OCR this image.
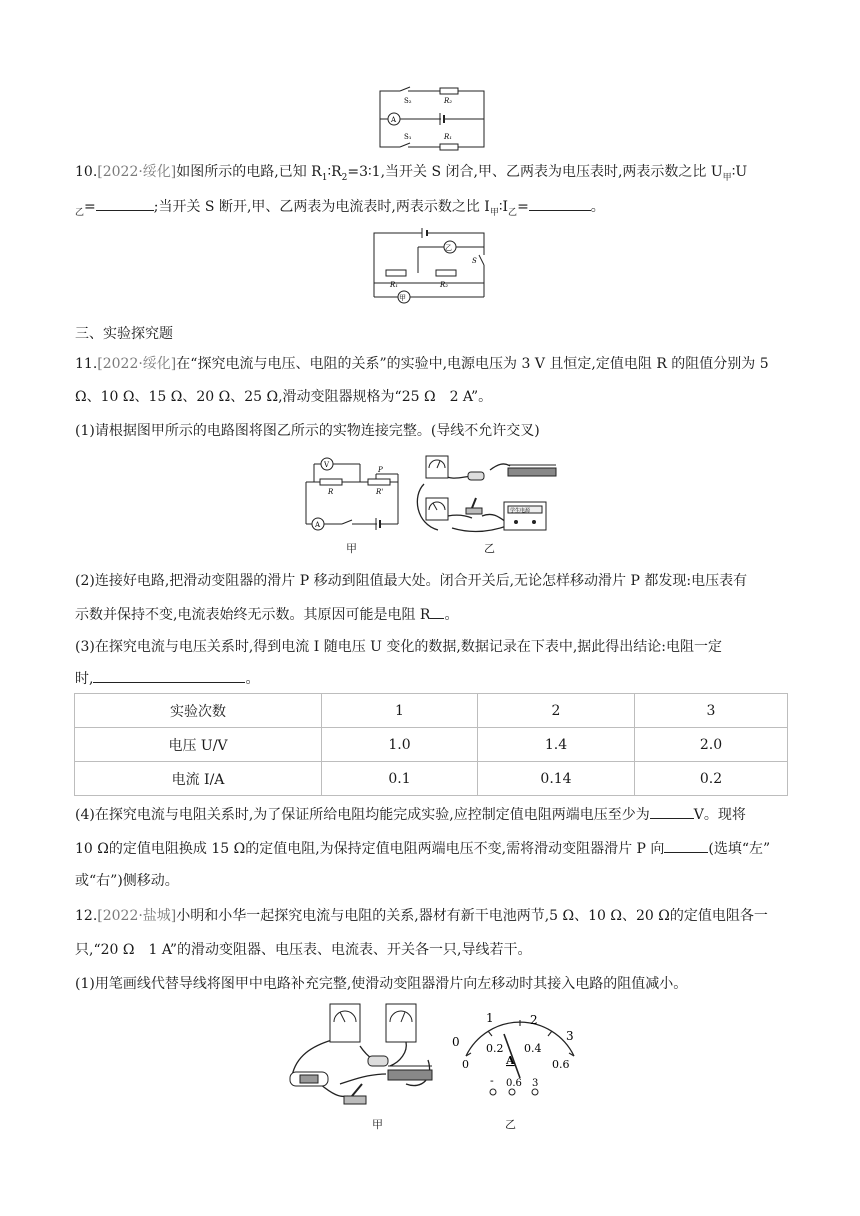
S₂	R₂
A
S₁	R₁
10.[2022·绥化]如图所示的电路,已知 $R_1∶R_2=3∶1$,当开关 S 闭合,甲、乙两表为电压表时,两表示数之比 $U_甲∶U$
$_乙$=	;当开关 S 断开,甲、乙两表为电流表时,两表示数之比 $I_甲∶I_乙=$	。
乙
S
R₁	R₂
甲
三、实验探究题
11.[2022·绥化]在“探究电流与电压、电阻的关系”的实验中,电源电压为 3 V 且恒定,定值电阻 R 的阻值分别为 5
Ω、10 Ω、15 Ω、20 Ω、25 Ω,滑动变阻器规格为“25 Ω　2 A”。
(1)请根据图甲所示的电路图将图乙所示的实物连接完整。(导线不允许交叉)
V
R
P
R'
A
甲
学生电源
乙
(2)连接好电路,把滑动变阻器的滑片 P 移动到阻值最大处。闭合开关后,无论怎样移动滑片 P 都发现:电压表有
示数并保持不变,电流表始终无示数。其原因可能是电阻 R 。
(3)在探究电流与电压关系时,得到电流 I 随电压 U 变化的数据,数据记录在下表中,据此得出结论:电阻一定
时,	。
实验次数	1	2	3
电压 U/V	1.0	1.4	2.0
电流 I/A	0.1	0.14	0.2
(4)在探究电流与电阻关系时,为了保证所给电阻均能完成实验,应控制定值电阻两端电压至少为	V。现将
10 Ω的定值电阻换成 15 Ω的定值电阻,为保持定值电阻两端电压不变,需将滑动变阻器滑片 P 向	(选填“左”
或“右”)侧移动。
12.[2022·盐城]小明和小华一起探究电流与电阻的关系,器材有新干电池两节,5 Ω、10 Ω、20 Ω的定值电阻各一
只,“20 Ω　1 A”的滑动变阻器、电压表、电流表、开关各一只,导线若干。
(1)用笔画线代替导线将图甲中电路补充完整,使滑动变阻器滑片向左移动时其接入电路的阻值减小。
甲
0
1	2
3
0
0.2 0.4
0.6
A
- 0.6 3
乙
